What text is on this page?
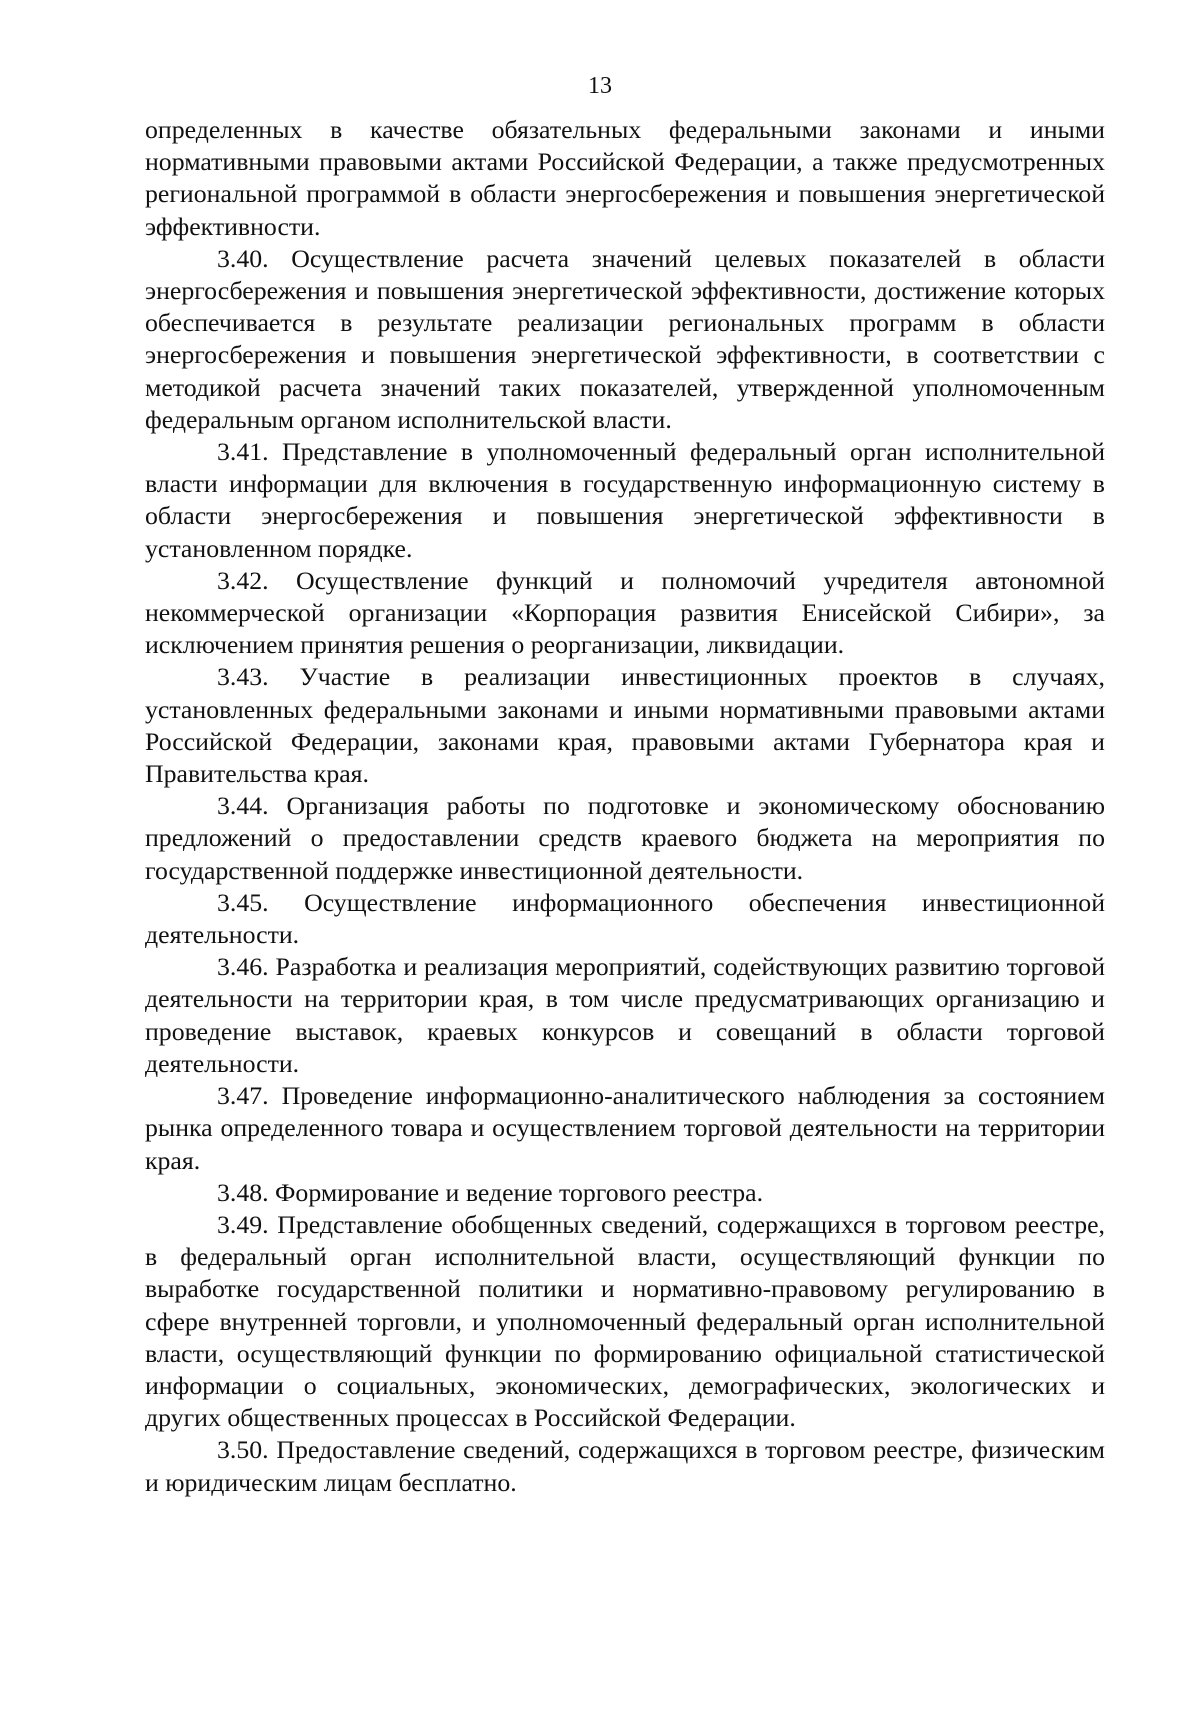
13

определенных в качестве обязательных федеральными законами и иными нормативными правовыми актами Российской Федерации, а также предусмотренных региональной программой в области энергосбережения и повышения энергетической эффективности.

3.40. Осуществление расчета значений целевых показателей в области энергосбережения и повышения энергетической эффективности, достижение которых обеспечивается в результате реализации региональных программ в области энергосбережения и повышения энергетической эффективности, в соответствии с методикой расчета значений таких показателей, утвержденной уполномоченным федеральным органом исполнительской власти.

3.41. Представление в уполномоченный федеральный орган исполнительной власти информации для включения в государственную информационную систему в области энергосбережения и повышения энергетической эффективности в установленном порядке.

3.42. Осуществление функций и полномочий учредителя автономной некоммерческой организации «Корпорация развития Енисейской Сибири», за исключением принятия решения о реорганизации, ликвидации.

3.43. Участие в реализации инвестиционных проектов в случаях, установленных федеральными законами и иными нормативными правовыми актами Российской Федерации, законами края, правовыми актами Губернатора края и Правительства края.

3.44. Организация работы по подготовке и экономическому обоснованию предложений о предоставлении средств краевого бюджета на мероприятия по государственной поддержке инвестиционной деятельности.

3.45. Осуществление информационного обеспечения инвестиционной деятельности.

3.46. Разработка и реализация мероприятий, содействующих развитию торговой деятельности на территории края, в том числе предусматривающих организацию и проведение выставок, краевых конкурсов и совещаний в области торговой деятельности.

3.47. Проведение информационно-аналитического наблюдения за состоянием рынка определенного товара и осуществлением торговой деятельности на территории края.

3.48. Формирование и ведение торгового реестра.

3.49. Представление обобщенных сведений, содержащихся в торговом реестре, в федеральный орган исполнительной власти, осуществляющий функции по выработке государственной политики и нормативно-правовому регулированию в сфере внутренней торговли, и уполномоченный федеральный орган исполнительной власти, осуществляющий функции по формированию официальной статистической информации о социальных, экономических, демографических, экологических и других общественных процессах в Российской Федерации.

3.50. Предоставление сведений, содержащихся в торговом реестре, физическим и юридическим лицам бесплатно.
